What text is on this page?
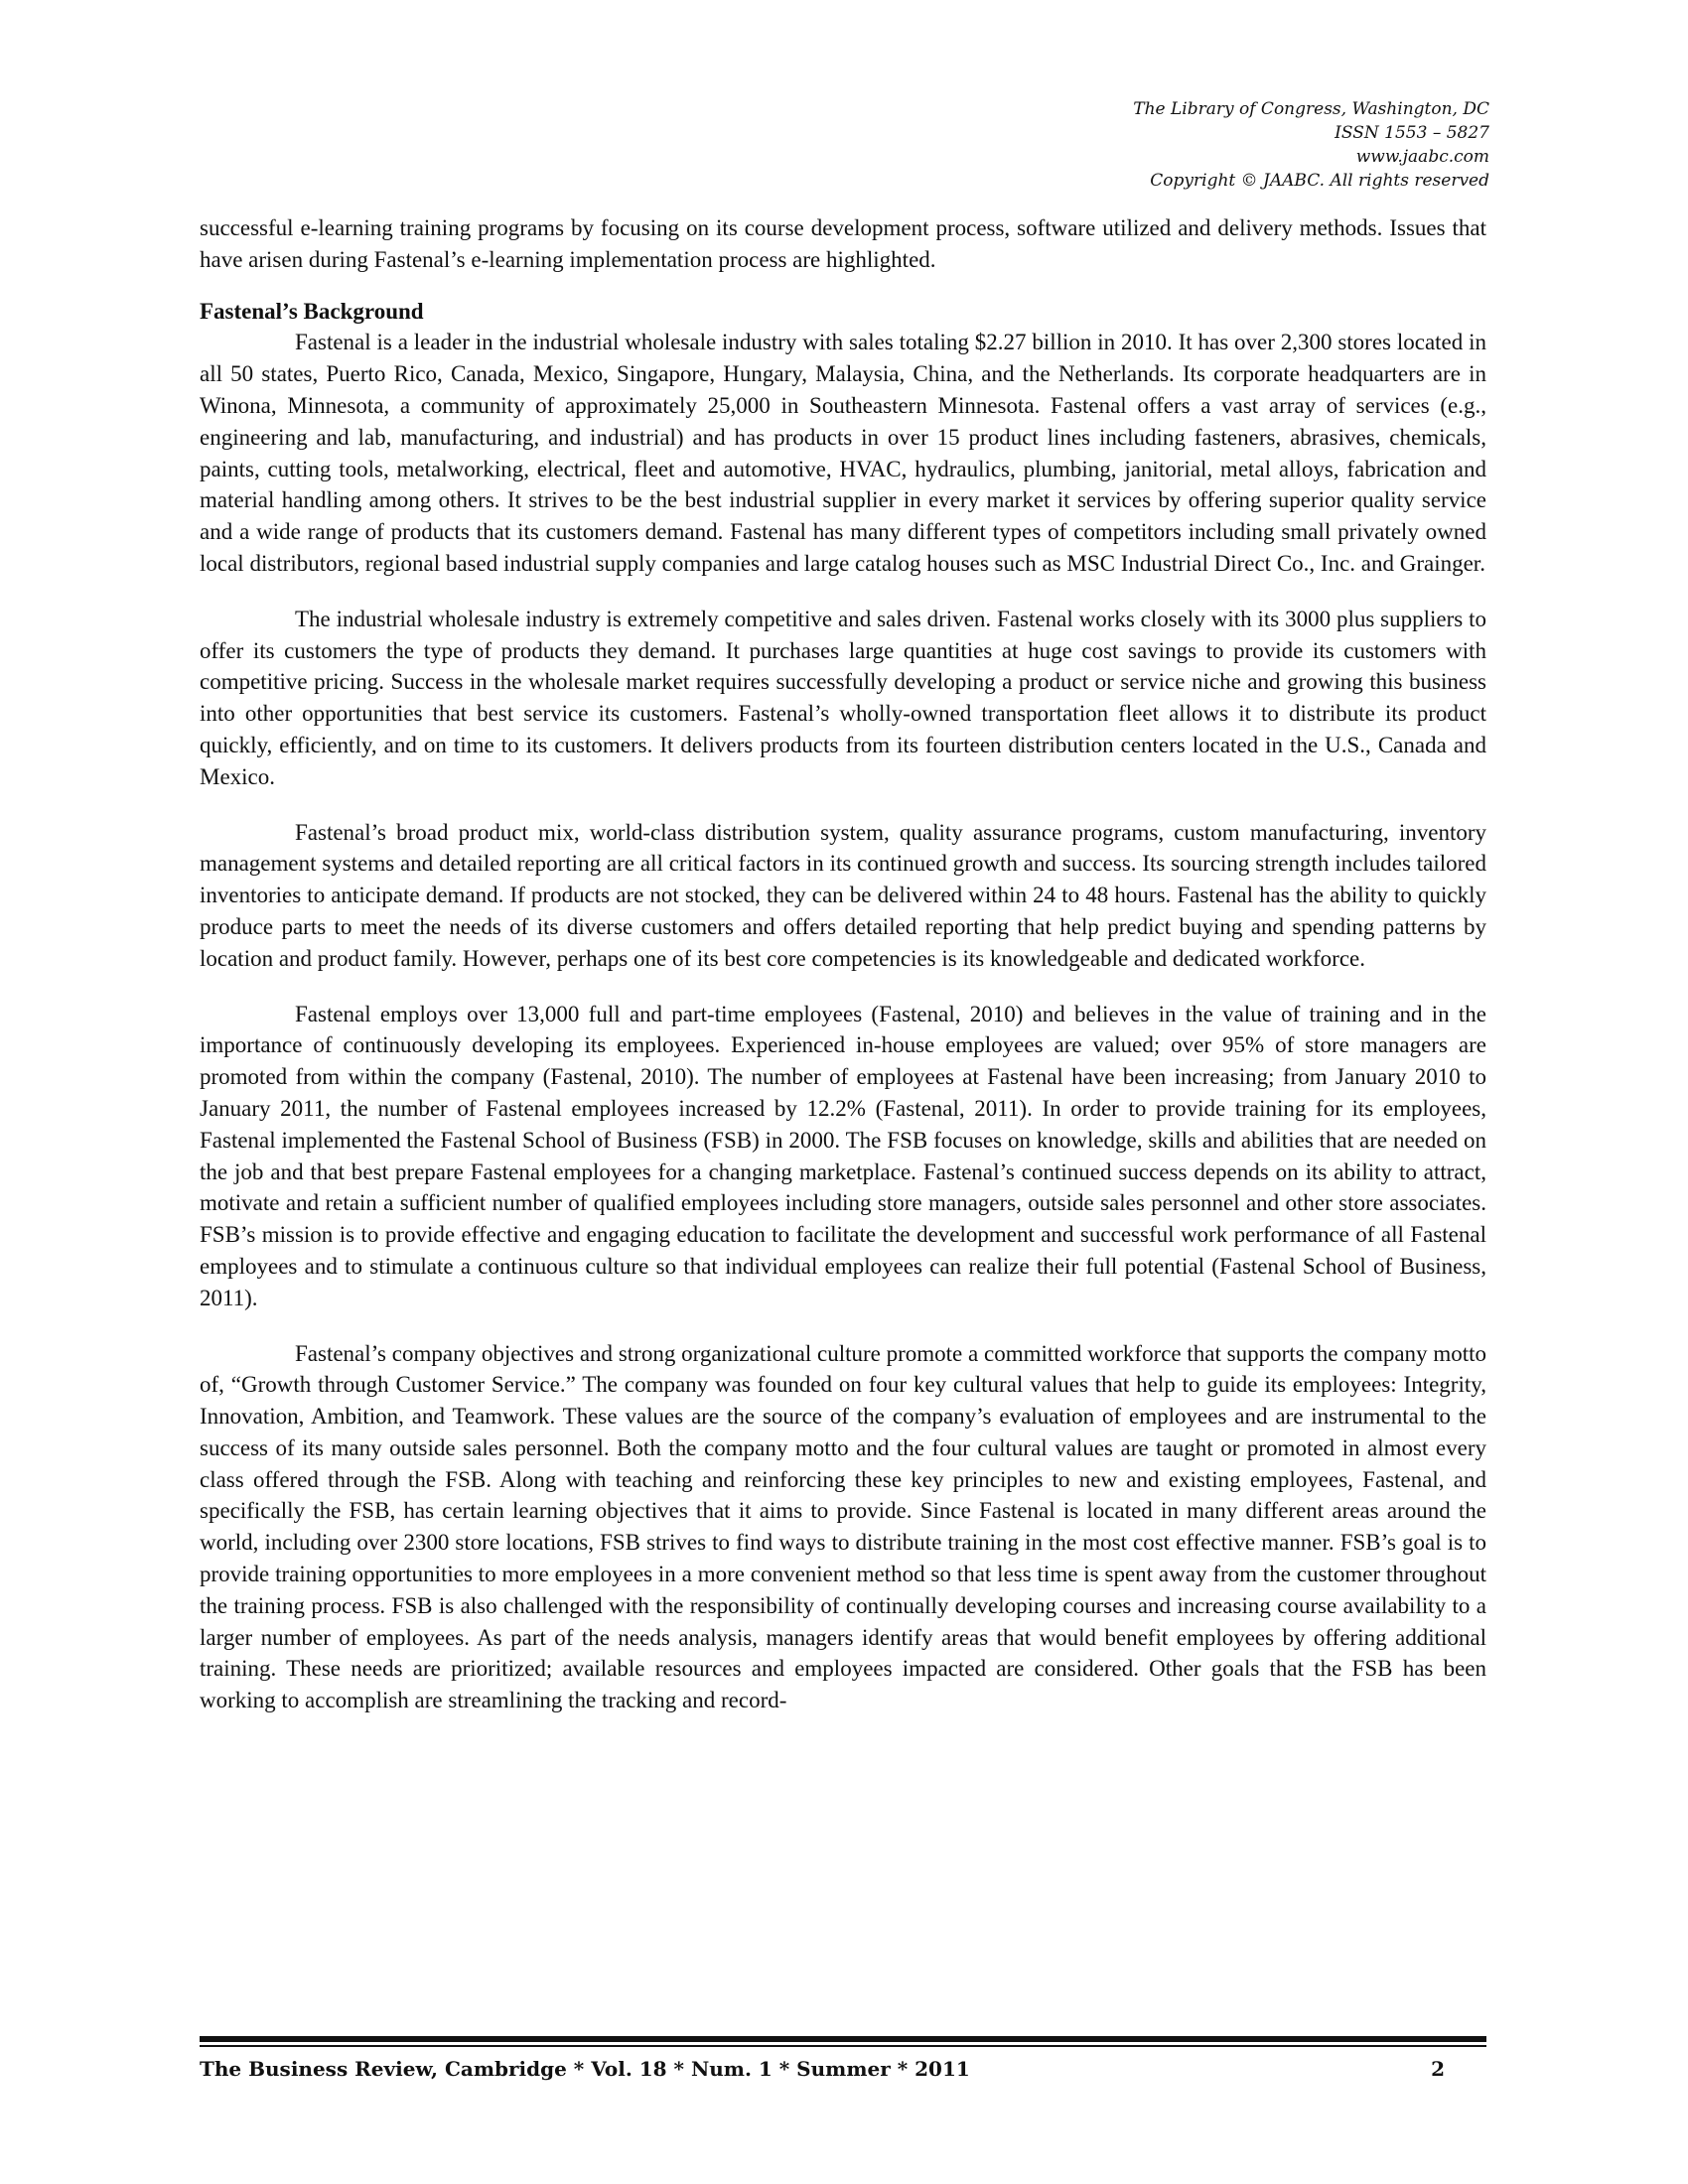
The Library of Congress, Washington, DC
ISSN 1553 – 5827
www.jaabc.com
Copyright © JAABC. All rights reserved

successful e-learning training programs by focusing on its course development process, software utilized and delivery methods. Issues that have arisen during Fastenal’s e-learning implementation process are highlighted.

Fastenal’s Background

Fastenal is a leader in the industrial wholesale industry with sales totaling $2.27 billion in 2010. It has over 2,300 stores located in all 50 states, Puerto Rico, Canada, Mexico, Singapore, Hungary, Malaysia, China, and the Netherlands. Its corporate headquarters are in Winona, Minnesota, a community of approximately 25,000 in Southeastern Minnesota. Fastenal offers a vast array of services (e.g., engineering and lab, manufacturing, and industrial) and has products in over 15 product lines including fasteners, abrasives, chemicals, paints, cutting tools, metalworking, electrical, fleet and automotive, HVAC, hydraulics, plumbing, janitorial, metal alloys, fabrication and material handling among others. It strives to be the best industrial supplier in every market it services by offering superior quality service and a wide range of products that its customers demand. Fastenal has many different types of competitors including small privately owned local distributors, regional based industrial supply companies and large catalog houses such as MSC Industrial Direct Co., Inc. and Grainger.

The industrial wholesale industry is extremely competitive and sales driven. Fastenal works closely with its 3000 plus suppliers to offer its customers the type of products they demand. It purchases large quantities at huge cost savings to provide its customers with competitive pricing. Success in the wholesale market requires successfully developing a product or service niche and growing this business into other opportunities that best service its customers. Fastenal’s wholly-owned transportation fleet allows it to distribute its product quickly, efficiently, and on time to its customers. It delivers products from its fourteen distribution centers located in the U.S., Canada and Mexico.

Fastenal’s broad product mix, world-class distribution system, quality assurance programs, custom manufacturing, inventory management systems and detailed reporting are all critical factors in its continued growth and success. Its sourcing strength includes tailored inventories to anticipate demand. If products are not stocked, they can be delivered within 24 to 48 hours. Fastenal has the ability to quickly produce parts to meet the needs of its diverse customers and offers detailed reporting that help predict buying and spending patterns by location and product family. However, perhaps one of its best core competencies is its knowledgeable and dedicated workforce.

Fastenal employs over 13,000 full and part-time employees (Fastenal, 2010) and believes in the value of training and in the importance of continuously developing its employees. Experienced in-house employees are valued; over 95% of store managers are promoted from within the company (Fastenal, 2010). The number of employees at Fastenal have been increasing; from January 2010 to January 2011, the number of Fastenal employees increased by 12.2% (Fastenal, 2011). In order to provide training for its employees, Fastenal implemented the Fastenal School of Business (FSB) in 2000. The FSB focuses on knowledge, skills and abilities that are needed on the job and that best prepare Fastenal employees for a changing marketplace. Fastenal’s continued success depends on its ability to attract, motivate and retain a sufficient number of qualified employees including store managers, outside sales personnel and other store associates. FSB’s mission is to provide effective and engaging education to facilitate the development and successful work performance of all Fastenal employees and to stimulate a continuous culture so that individual employees can realize their full potential (Fastenal School of Business, 2011).

Fastenal’s company objectives and strong organizational culture promote a committed workforce that supports the company motto of, “Growth through Customer Service.” The company was founded on four key cultural values that help to guide its employees: Integrity, Innovation, Ambition, and Teamwork. These values are the source of the company’s evaluation of employees and are instrumental to the success of its many outside sales personnel. Both the company motto and the four cultural values are taught or promoted in almost every class offered through the FSB. Along with teaching and reinforcing these key principles to new and existing employees, Fastenal, and specifically the FSB, has certain learning objectives that it aims to provide. Since Fastenal is located in many different areas around the world, including over 2300 store locations, FSB strives to find ways to distribute training in the most cost effective manner. FSB’s goal is to provide training opportunities to more employees in a more convenient method so that less time is spent away from the customer throughout the training process. FSB is also challenged with the responsibility of continually developing courses and increasing course availability to a larger number of employees. As part of the needs analysis, managers identify areas that would benefit employees by offering additional training. These needs are prioritized; available resources and employees impacted are considered. Other goals that the FSB has been working to accomplish are streamlining the tracking and record-

The Business Review, Cambridge * Vol. 18 * Num. 1 * Summer * 2011	2
